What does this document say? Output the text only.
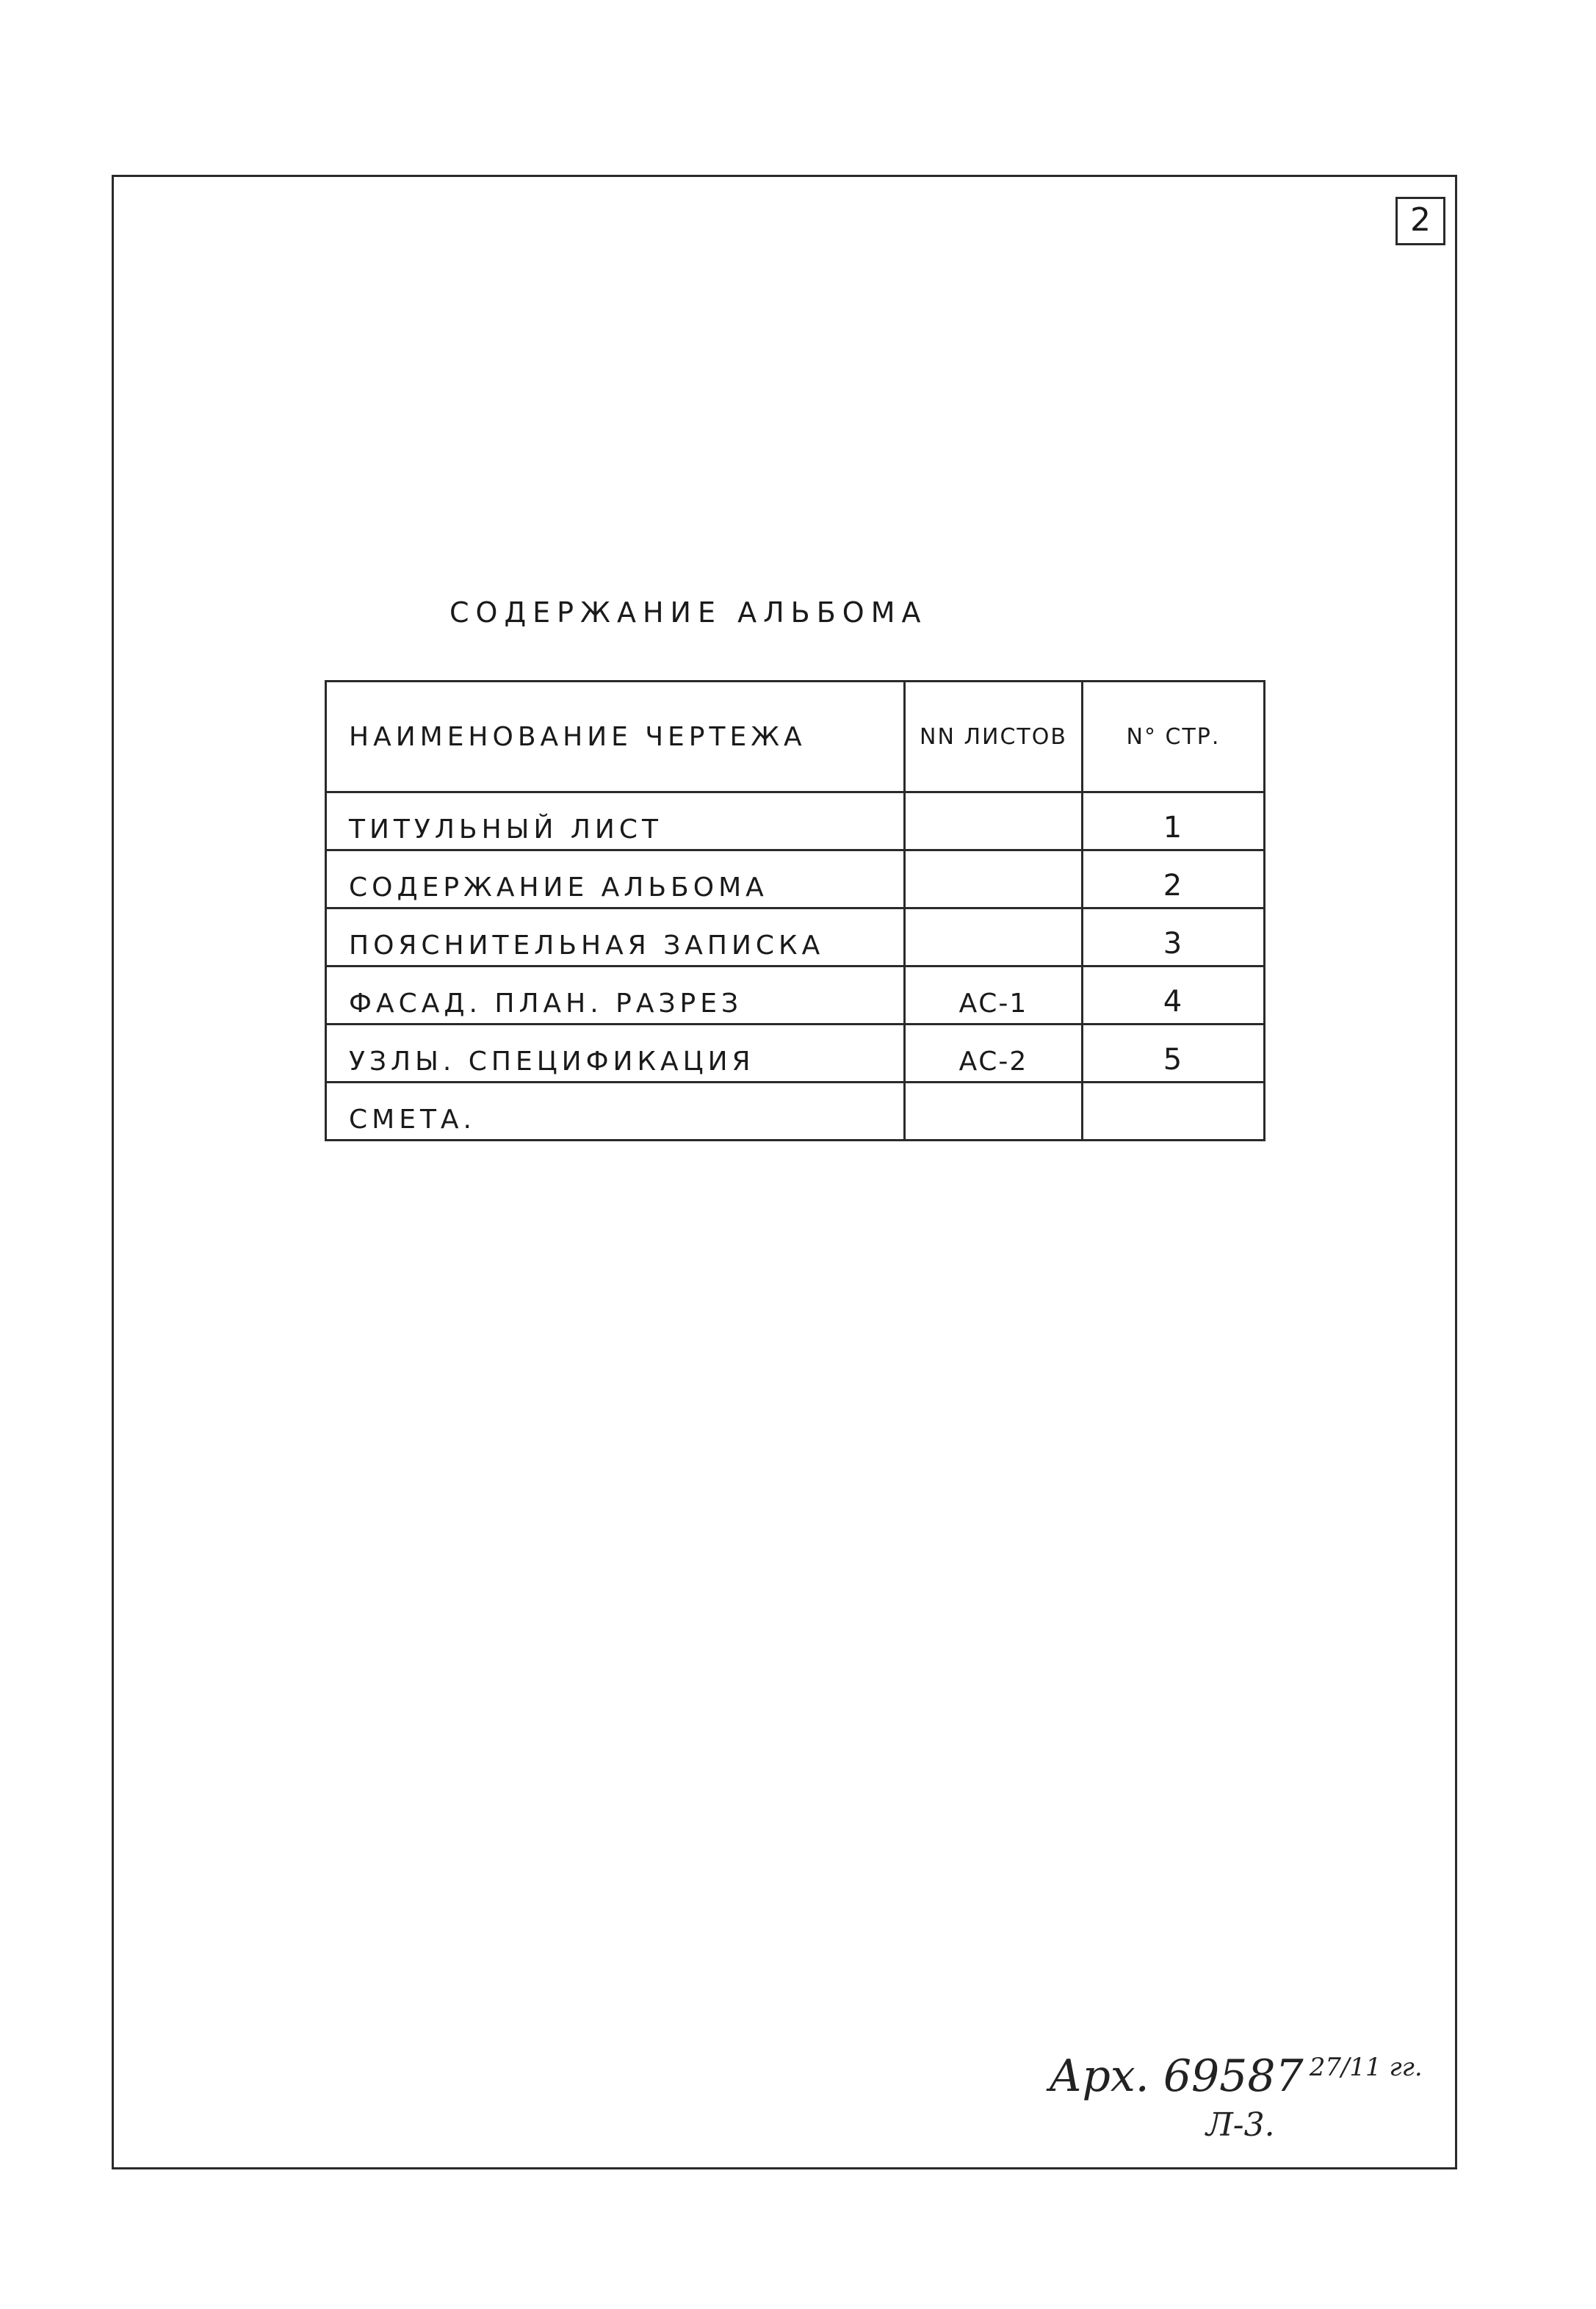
2
СОДЕРЖАНИЕ АЛЬБОМА
НАИМЕНОВАНИЕ ЧЕРТЕЖА	NN ЛИСТОВ	N° СТР.
ТИТУЛЬНЫЙ ЛИСТ		1
СОДЕРЖАНИЕ АЛЬБОМА		2
ПОЯСНИТЕЛЬНАЯ ЗАПИСКА		3
ФАСАД. ПЛАН. РАЗРЕЗ	АС-1	4
УЗЛЫ. СПЕЦИФИКАЦИЯ	АС-2	5
СМЕТА.		
Арх. 69587 $^{27/11 гг.}$
Л-3.
